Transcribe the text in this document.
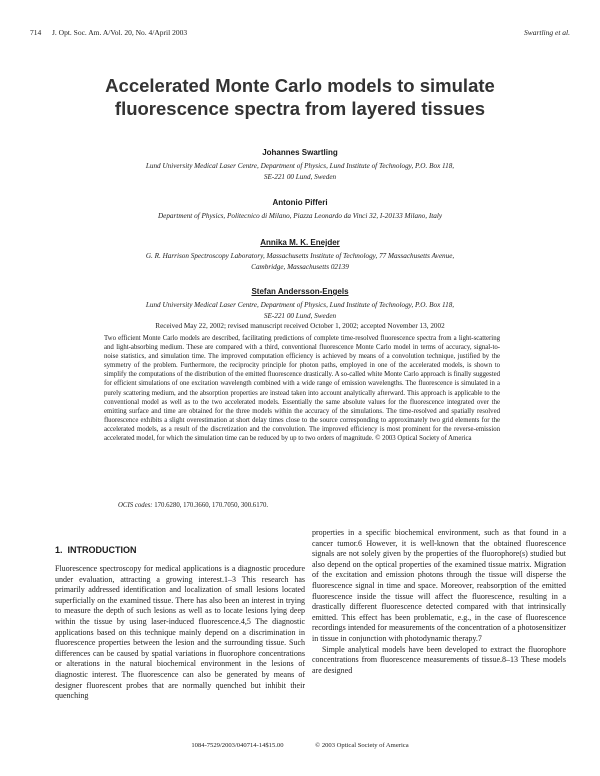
714 J. Opt. Soc. Am. A/Vol. 20, No. 4/April 2003	Swartling et al.
Accelerated Monte Carlo models to simulate
fluorescence spectra from layered tissues
Johannes Swartling
Lund University Medical Laser Centre, Department of Physics, Lund Institute of Technology, P.O. Box 118,
SE-221 00 Lund, Sweden
Antonio Pifferi
Department of Physics, Politecnico di Milano, Piazza Leonardo da Vinci 32, I-20133 Milano, Italy
Annika M. K. Enejder
G. R. Harrison Spectroscopy Laboratory, Massachusetts Institute of Technology, 77 Massachusetts Avenue,
Cambridge, Massachusetts 02139
Stefan Andersson-Engels
Lund University Medical Laser Centre, Department of Physics, Lund Institute of Technology, P.O. Box 118,
SE-221 00 Lund, Sweden
Received May 22, 2002; revised manuscript received October 1, 2002; accepted November 13, 2002
Two efficient Monte Carlo models are described, facilitating predictions of complete time-resolved fluorescence spectra from a light-scattering and light-absorbing medium. These are compared with a third, conventional fluorescence Monte Carlo model in terms of accuracy, signal-to-noise statistics, and simulation time. The improved computation efficiency is achieved by means of a convolution technique, justified by the symmetry of the problem. Furthermore, the reciprocity principle for photon paths, employed in one of the accelerated models, is shown to simplify the computations of the distribution of the emitted fluorescence drastically. A so-called white Monte Carlo approach is finally suggested for efficient simulations of one excitation wavelength combined with a wide range of emission wavelengths. The fluorescence is simulated in a purely scattering medium, and the absorption properties are instead taken into account analytically afterward. This approach is applicable to the conventional model as well as to the two accelerated models. Essentially the same absolute values for the fluorescence integrated over the emitting surface and time are obtained for the three models within the accuracy of the simulations. The time-resolved and spatially resolved fluorescence exhibits a slight overestimation at short delay times close to the source corresponding to approximately two grid elements for the accelerated models, as a result of the discretization and the convolution. The improved efficiency is most prominent for the reverse-emission accelerated model, for which the simulation time can be reduced by up to two orders of magnitude. © 2003 Optical Society of America
OCIS codes: 170.6280, 170.3660, 170.7050, 300.6170.
1. INTRODUCTION

Fluorescence spectroscopy for medical applications is a diagnostic procedure under evaluation, attracting a growing interest.1–3 This research has primarily addressed identification and localization of small lesions located superficially on the examined tissue. There has also been an interest in trying to measure the depth of such lesions as well as to locate lesions lying deep within the tissue by using laser-induced fluorescence.4,5 The diagnostic applications based on this technique mainly depend on a discrimination in fluorescence properties between the lesion and the surrounding tissue. Such differences can be caused by spatial variations in fluorophore concentrations or alterations in the natural biochemical environment in the lesions of diagnostic interest. The fluorescence can also be generated by means of designer fluorescent probes that are normally quenched but inhibit their quenching

properties in a specific biochemical environment, such as that found in a cancer tumor.6 However, it is well-known that the obtained fluorescence signals are not solely given by the properties of the fluorophore(s) studied but also depend on the optical properties of the examined tissue matrix. Migration of the excitation and emission photons through the tissue will disperse the fluorescence signal in time and space. Moreover, reabsorption of the emitted fluorescence inside the tissue will affect the fluorescence, resulting in a drastically different fluorescence detected compared with that intrinsically emitted. This effect has been problematic, e.g., in the case of fluorescence recordings intended for measurements of the concentration of a photosensitizer in tissue in conjunction with photodynamic therapy.7

Simple analytical models have been developed to extract the fluorophore concentrations from fluorescence measurements of tissue.8–13 These models are designed

1084-7529/2003/040714-14$15.00	© 2003 Optical Society of America
